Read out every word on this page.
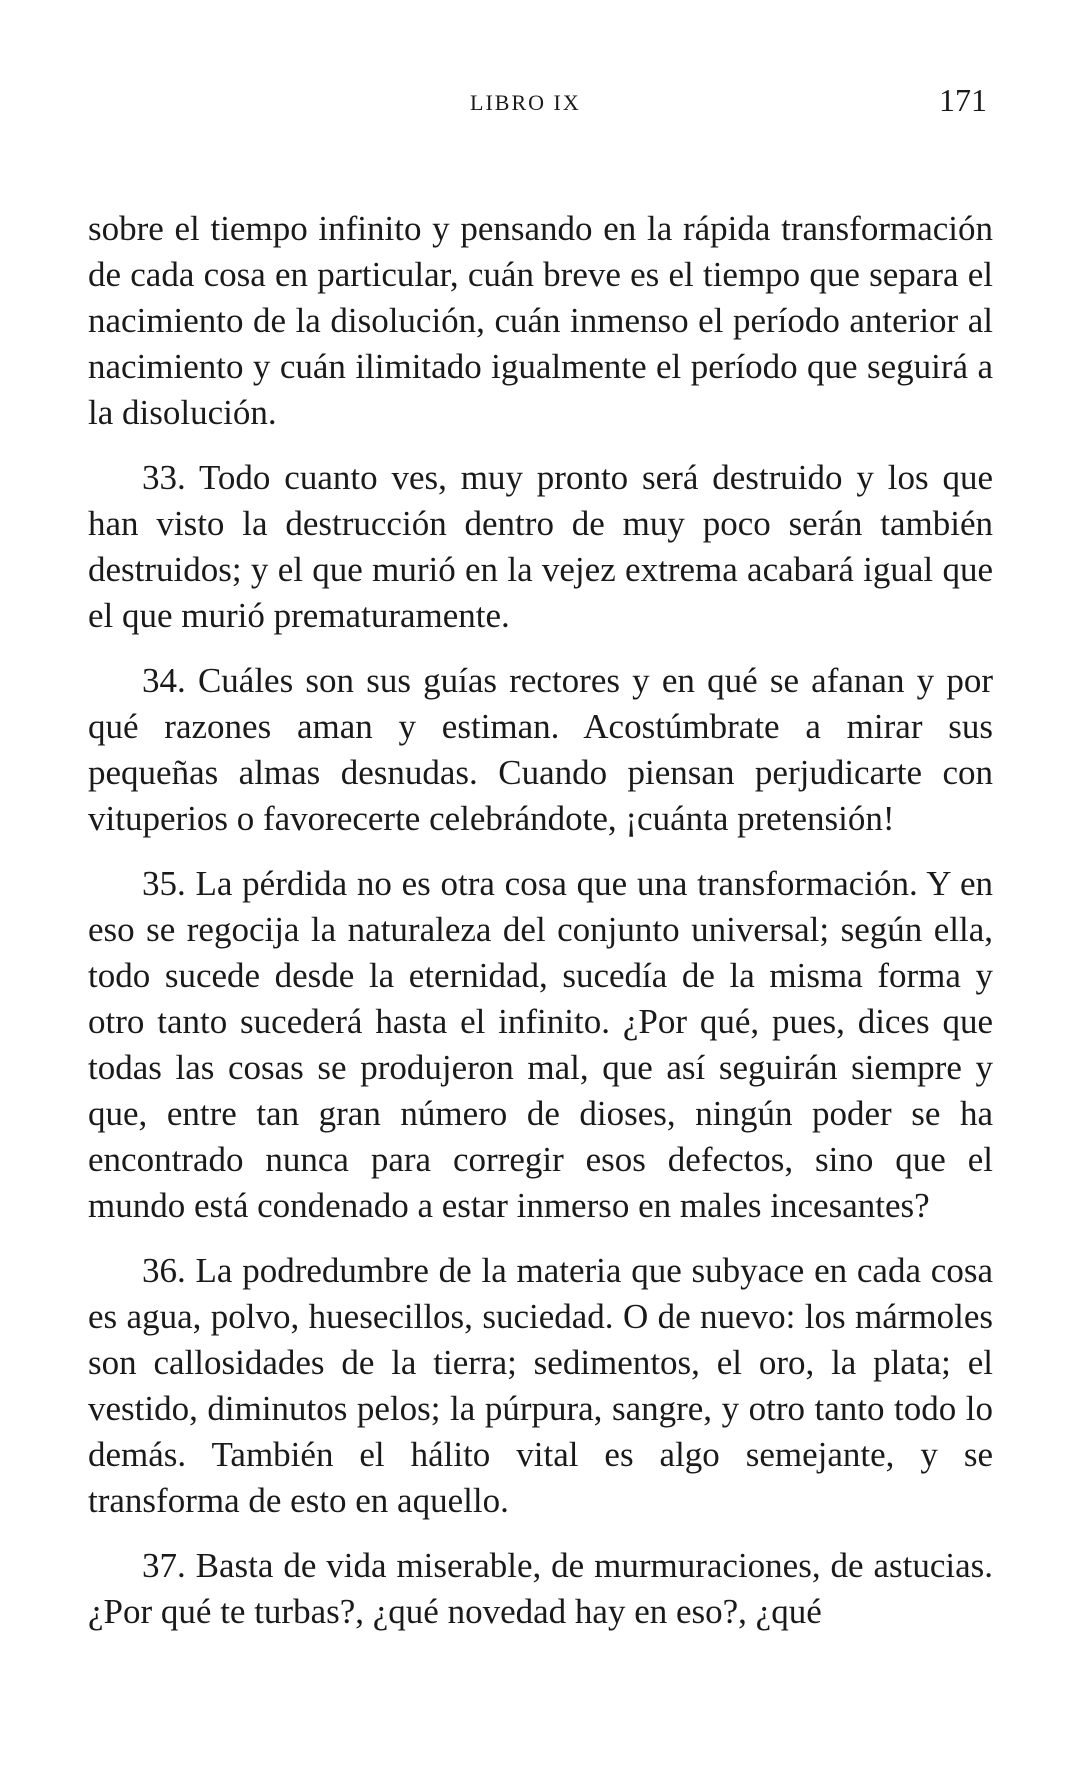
LIBRO IX	171

sobre el tiempo infinito y pensando en la rápida transformación de cada cosa en particular, cuán breve es el tiempo que separa el nacimiento de la disolución, cuán inmenso el período anterior al nacimiento y cuán ilimitado igualmente el período que seguirá a la disolución.

33. Todo cuanto ves, muy pronto será destruido y los que han visto la destrucción dentro de muy poco serán también destruidos; y el que murió en la vejez extrema acabará igual que el que murió prematuramente.

34. Cuáles son sus guías rectores y en qué se afanan y por qué razones aman y estiman. Acostúmbrate a mirar sus pequeñas almas desnudas. Cuando piensan perjudicarte con vituperios o favorecerte celebrándote, ¡cuánta pretensión!

35. La pérdida no es otra cosa que una transformación. Y en eso se regocija la naturaleza del conjunto universal; según ella, todo sucede desde la eternidad, sucedía de la misma forma y otro tanto sucederá hasta el infinito. ¿Por qué, pues, dices que todas las cosas se produjeron mal, que así seguirán siempre y que, entre tan gran número de dioses, ningún poder se ha encontrado nunca para corregir esos defectos, sino que el mundo está condenado a estar inmerso en males incesantes?

36. La podredumbre de la materia que subyace en cada cosa es agua, polvo, huesecillos, suciedad. O de nuevo: los mármoles son callosidades de la tierra; sedimentos, el oro, la plata; el vestido, diminutos pelos; la púrpura, sangre, y otro tanto todo lo demás. También el hálito vital es algo semejante, y se transforma de esto en aquello.

37. Basta de vida miserable, de murmuraciones, de astucias. ¿Por qué te turbas?, ¿qué novedad hay en eso?, ¿qué
